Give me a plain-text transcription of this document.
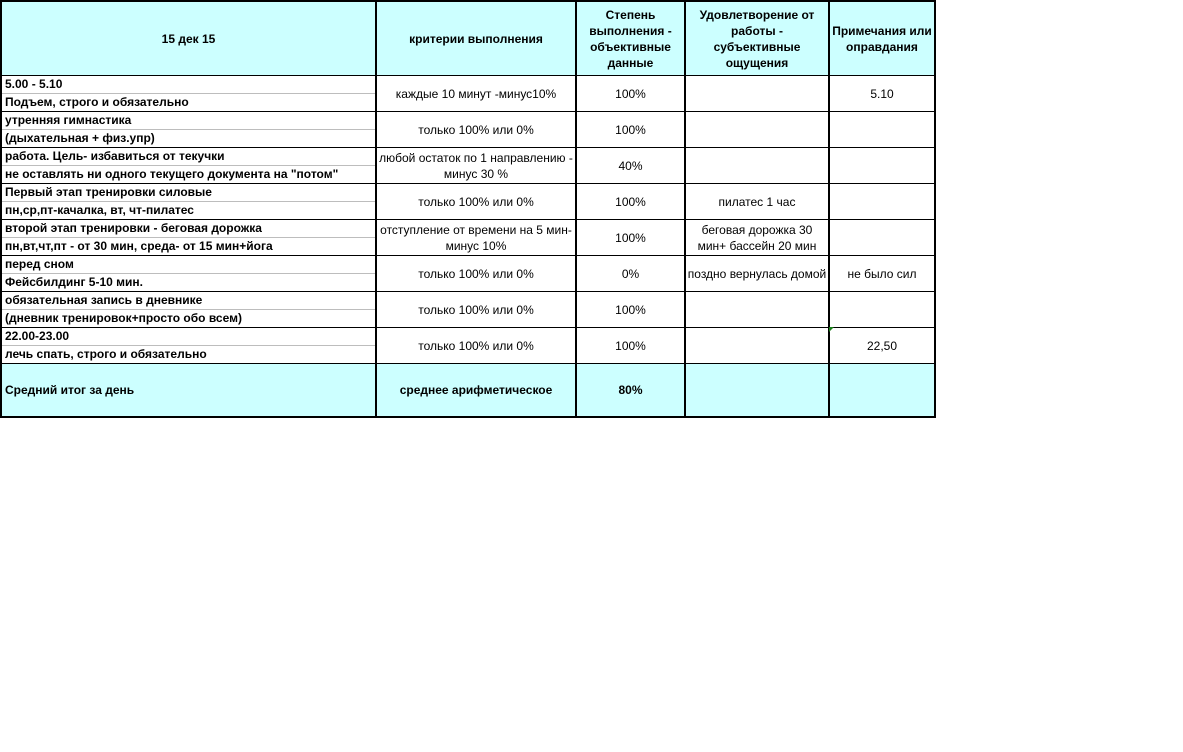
15 дек 15	критерии выполнения	Степень выполнения - объективные данные	Удовлетворение от работы - субъективные ощущения	Примечания или оправдания

5.00 - 5.10
Подъем, строго и обязательно	каждые 10 минут -минус10%	100%		5.10

утренняя гимнастика
(дыхательная + физ.упр)	только 100% или 0%	100%		

работа. Цель- избавиться от текучки
не оставлять ни одного текущего документа на "потом"	любой остаток по 1 направлению - минус 30 %	40%		

Первый этап тренировки силовые
пн,ср,пт-качалка, вт, чт-пилатес	только 100% или 0%	100%	пилатес 1 час	

второй этап тренировки - беговая дорожка
пн,вт,чт,пт - от 30 мин, среда- от 15 мин+йога	отступление от времени на 5 мин- минус 10%	100%	беговая дорожка 30 мин+ бассейн 20 мин	

перед сном
Фейсбилдинг 5-10 мин.	только 100% или 0%	0%	поздно вернулась домой	не было сил

обязательная запись в дневнике
(дневник тренировок+просто обо всем)	только 100% или 0%	100%		

22.00-23.00
лечь спать, строго и обязательно	только 100% или 0%	100%		22,50
Средний итог за день	среднее арифметическое	80%		
